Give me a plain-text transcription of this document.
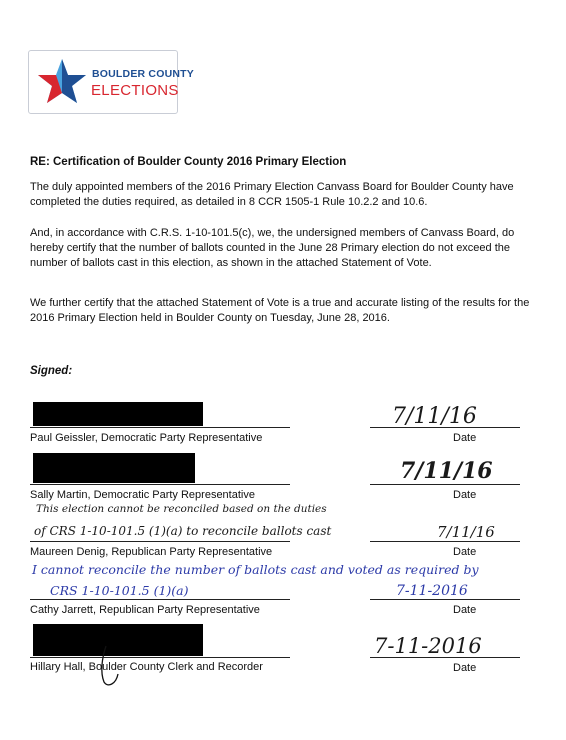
BOULDER COUNTY
ELECTIONS
RE: Certification of Boulder County 2016 Primary Election

The duly appointed members of the 2016 Primary Election Canvass Board for Boulder County have completed the duties required, as detailed in 8 CCR 1505-1 Rule 10.2.2 and 10.6.

And, in accordance with C.R.S. 1-10-101.5(c), we, the undersigned members of Canvass Board, do hereby certify that the number of ballots counted in the June 28 Primary election do not exceed the number of ballots cast in this election, as shown in the attached Statement of Vote.

We further certify that the attached Statement of Vote is a true and accurate listing of the results for the 2016 Primary Election held in Boulder County on Tuesday, June 28, 2016.

Signed:
Paul Geissler, Democratic Party Representative
7/11/16
Date
Sally Martin, Democratic Party Representative
7/11/16
Date
This election cannot be reconciled based on the duties
of CRS 1-10-101.5 (1)(a) to reconcile ballots cast
Maureen Denig, Republican Party Representative
7/11/16
Date
I cannot reconcile the number of ballots cast and voted as required by
CRS 1-10-101.5 (1)(a)
Cathy Jarrett, Republican Party Representative
7-11-2016
Date
Hillary Hall, Boulder County Clerk and Recorder
7-11-2016
Date
